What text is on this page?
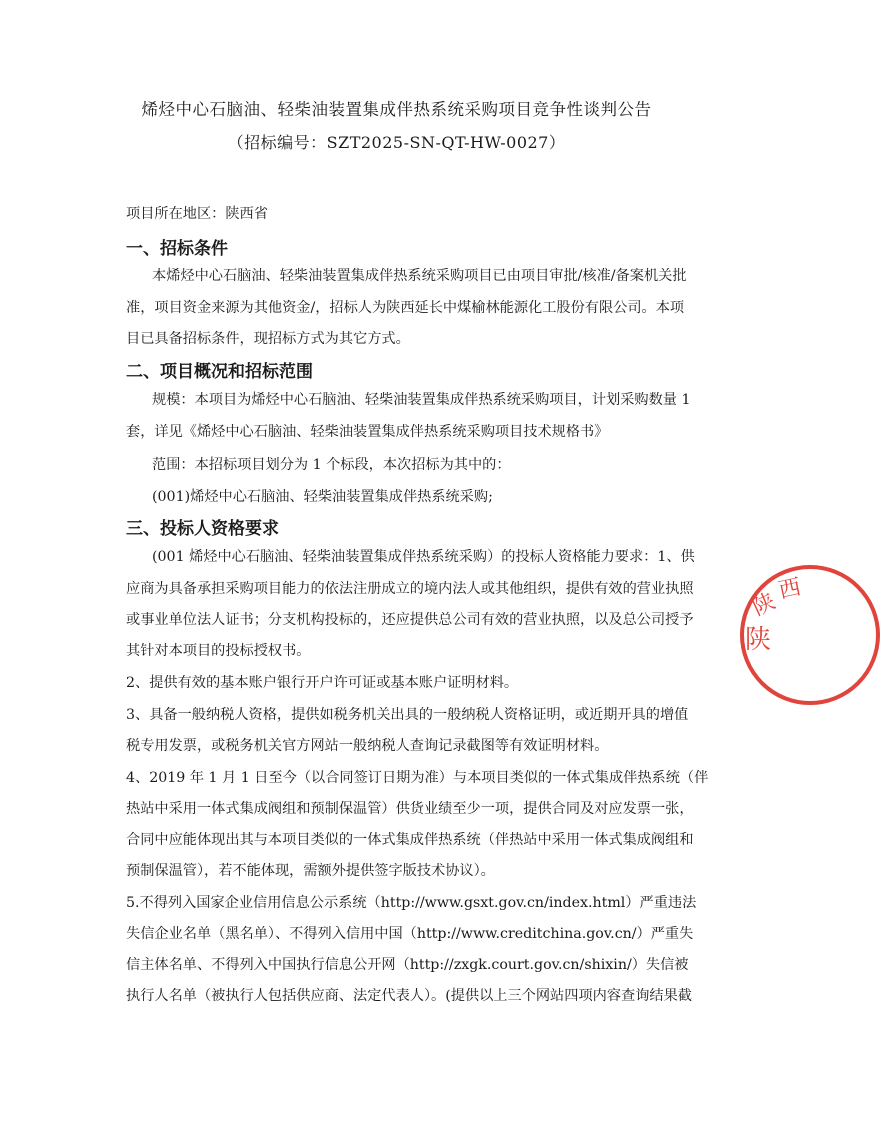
烯烃中心石脑油、轻柴油装置集成伴热系统采购项目竞争性谈判公告
（招标编号：SZT2025-SN-QT-HW-0027）
项目所在地区：陕西省
一、招标条件
本烯烃中心石脑油、轻柴油装置集成伴热系统采购项目已由项目审批/核准/备案机关批
准，项目资金来源为其他资金/，招标人为陕西延长中煤榆林能源化工股份有限公司。本项
目已具备招标条件，现招标方式为其它方式。
二、项目概况和招标范围
规模：本项目为烯烃中心石脑油、轻柴油装置集成伴热系统采购项目，计划采购数量 1
套，详见《烯烃中心石脑油、轻柴油装置集成伴热系统采购项目技术规格书》
范围：本招标项目划分为 1 个标段，本次招标为其中的：
(001)烯烃中心石脑油、轻柴油装置集成伴热系统采购;
三、投标人资格要求
(001 烯烃中心石脑油、轻柴油装置集成伴热系统采购）的投标人资格能力要求：1、供
应商为具备承担采购项目能力的依法注册成立的境内法人或其他组织，提供有效的营业执照
或事业单位法人证书；分支机构投标的，还应提供总公司有效的营业执照，以及总公司授予
其针对本项目的投标授权书。
2、提供有效的基本账户银行开户许可证或基本账户证明材料。
3、具备一般纳税人资格，提供如税务机关出具的一般纳税人资格证明，或近期开具的增值
税专用发票，或税务机关官方网站一般纳税人查询记录截图等有效证明材料。
4、2019 年 1 月 1 日至今（以合同签订日期为准）与本项目类似的一体式集成伴热系统（伴
热站中采用一体式集成阀组和预制保温管）供货业绩至少一项，提供合同及对应发票一张，
合同中应能体现出其与本项目类似的一体式集成伴热系统（伴热站中采用一体式集成阀组和
预制保温管），若不能体现，需额外提供签字版技术协议）。
5.不得列入国家企业信用信息公示系统（http://www.gsxt.gov.cn/index.html）严重违法
失信企业名单（黑名单）、不得列入信用中国（http://www.creditchina.gov.cn/）严重失
信主体名单、不得列入中国执行信息公开网（http://zxgk.court.gov.cn/shixin/）失信被
执行人名单（被执行人包括供应商、法定代表人）。(提供以上三个网站四项内容查询结果截
陕
西
陕
